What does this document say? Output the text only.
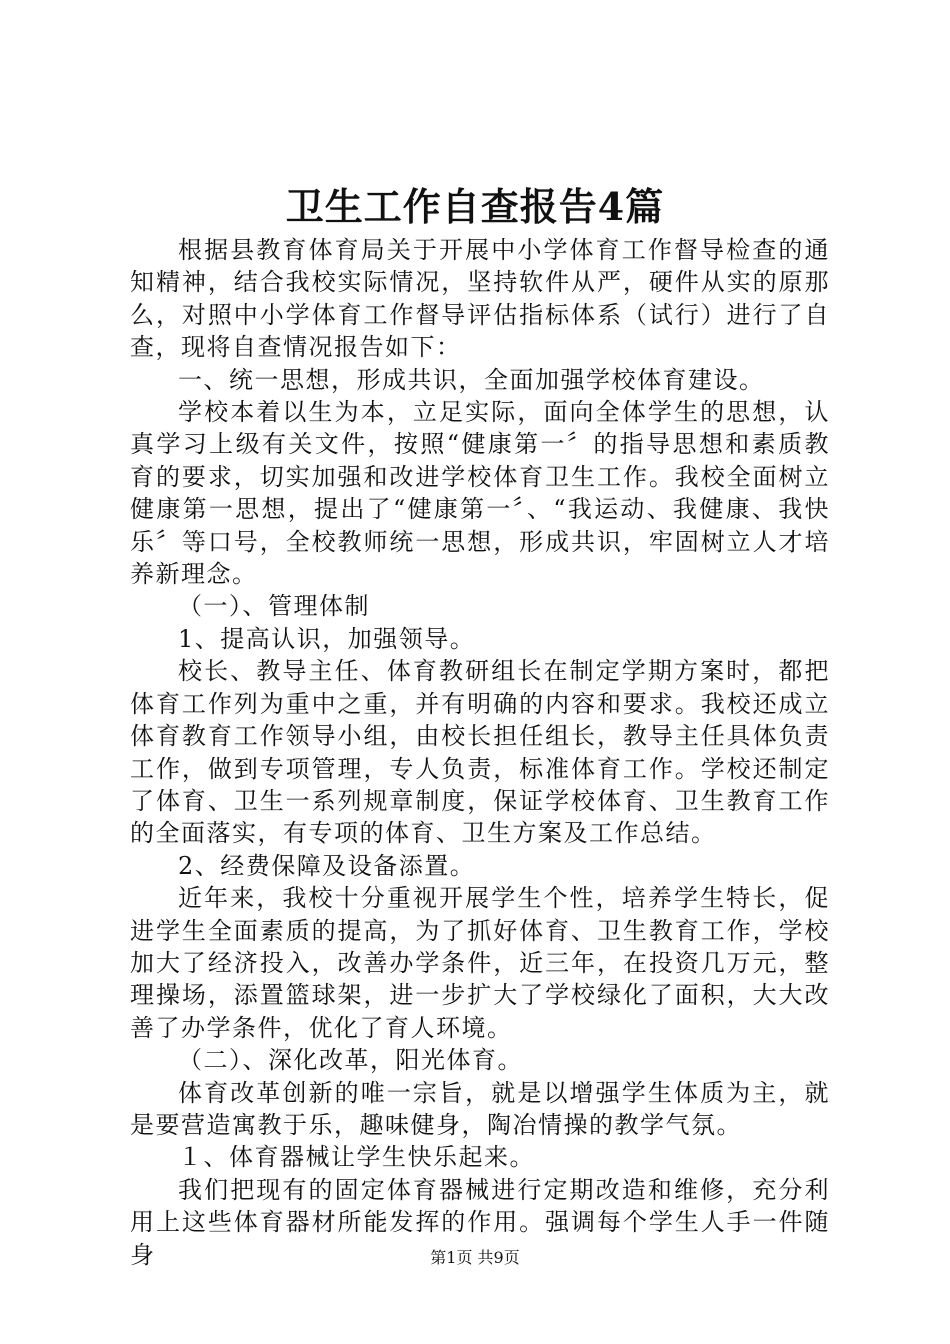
卫生工作自查报告4篇

根据县教育体育局关于开展中小学体育工作督导检查的通知精神，结合我校实际情况，坚持软件从严，硬件从实的原那么，对照中小学体育工作督导评估指标体系（试行）进行了自查，现将自查情况报告如下：

一、统一思想，形成共识，全面加强学校体育建设。

学校本着以生为本，立足实际，面向全体学生的思想，认真学习上级有关文件，按照“健康第一〞的指导思想和素质教育的要求，切实加强和改进学校体育卫生工作。我校全面树立健康第一思想，提出了“健康第一〞、“我运动、我健康、我快乐〞等口号，全校教师统一思想，形成共识，牢固树立人才培养新理念。

（一）、管理体制

1、提高认识，加强领导。

校长、教导主任、体育教研组长在制定学期方案时，都把体育工作列为重中之重，并有明确的内容和要求。我校还成立体育教育工作领导小组，由校长担任组长，教导主任具体负责工作，做到专项管理，专人负责，标准体育工作。学校还制定了体育、卫生一系列规章制度，保证学校体育、卫生教育工作的全面落实，有专项的体育、卫生方案及工作总结。

2、经费保障及设备添置。

近年来，我校十分重视开展学生个性，培养学生特长，促进学生全面素质的提高，为了抓好体育、卫生教育工作，学校加大了经济投入，改善办学条件，近三年，在投资几万元，整理操场，添置篮球架，进一步扩大了学校绿化了面积，大大改善了办学条件，优化了育人环境。

（二）、深化改革，阳光体育。

体育改革创新的唯一宗旨，就是以增强学生体质为主，就是要营造寓教于乐，趣味健身，陶冶情操的教学气氛。

１、体育器械让学生快乐起来。

我们把现有的固定体育器械进行定期改造和维修，充分利用上这些体育器材所能发挥的作用。强调每个学生人手一件随身	第1页 共9页
